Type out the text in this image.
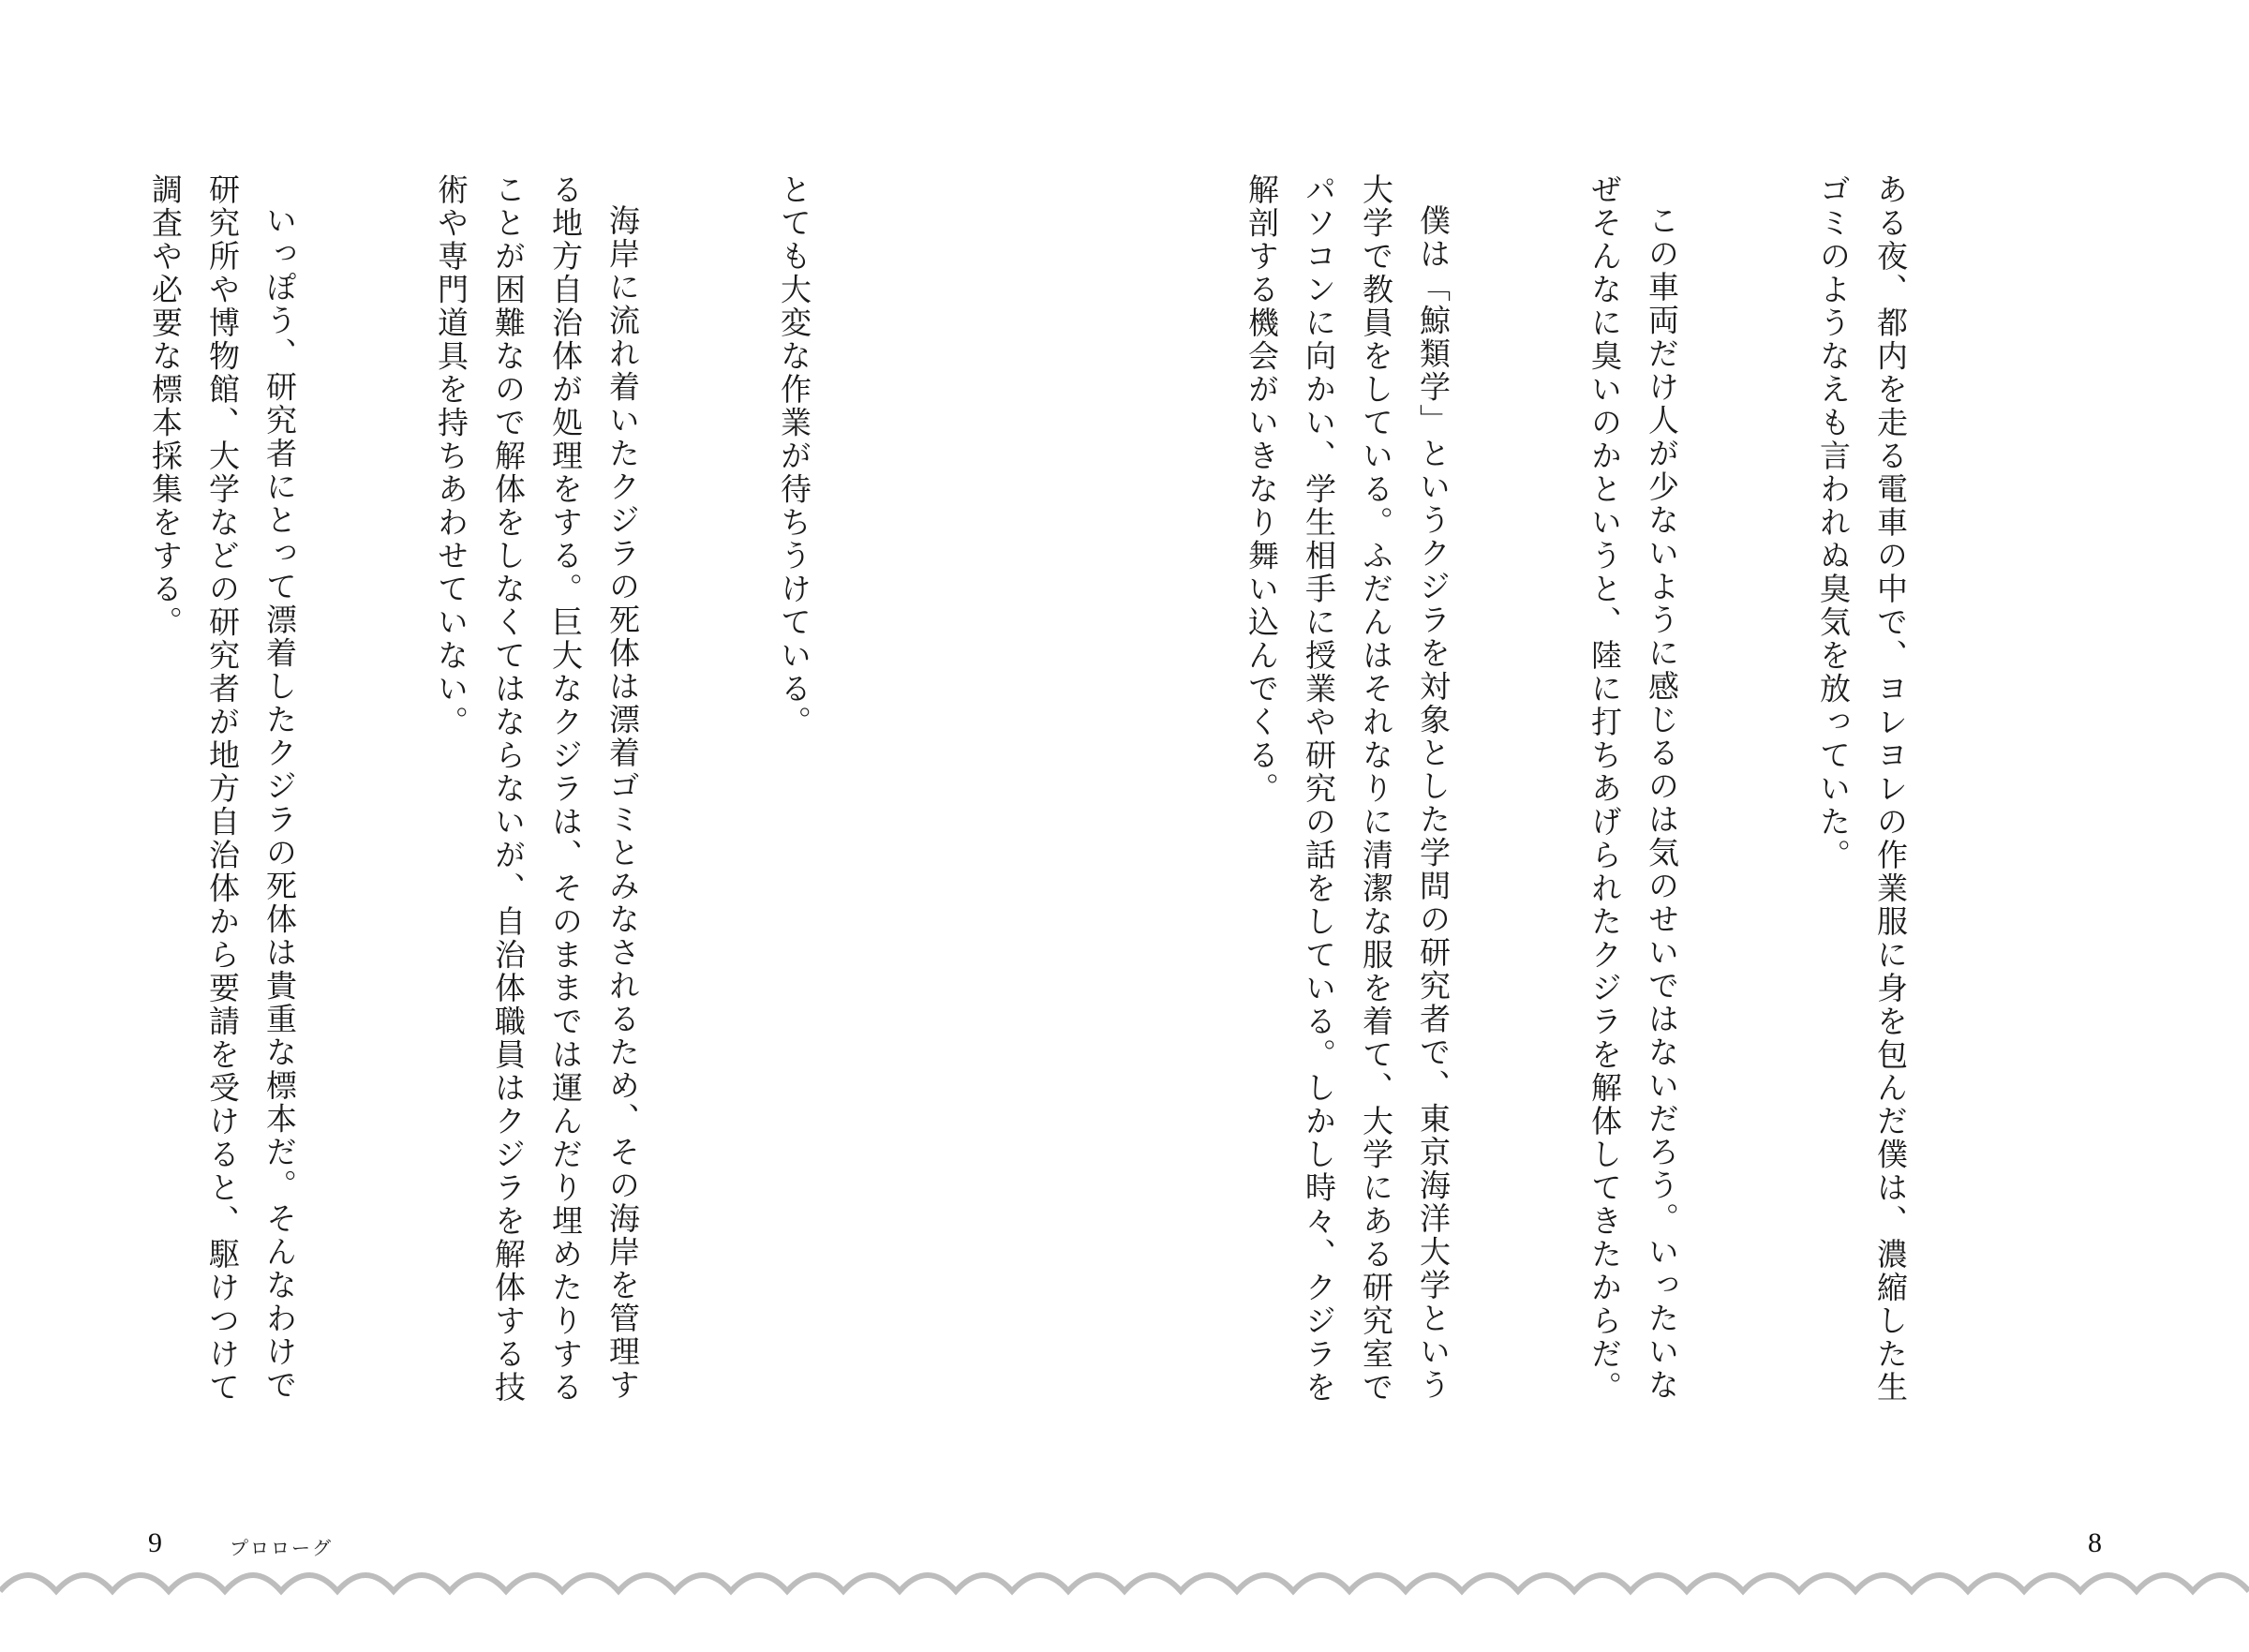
ある夜、都内を走る電車の中で、ヨレヨレの作業服に身を包んだ僕は、濃縮した生ゴミのようなえも言われぬ臭気を放っていた。

この車両だけ人が少ないように感じるのは気のせいではないだろう。いったいなぜそんなに臭いのかというと、陸に打ちあげられたクジラを解体してきたからだ。

僕は「鯨類学」というクジラを対象とした学問の研究者で、東京海洋大学という大学で教員をしている。ふだんはそれなりに清潔な服を着て、大学にある研究室でパソコンに向かい、学生相手に授業や研究の話をしている。しかし時々、クジラを解剖する機会がいきなり舞い込んでくる。

とても大変な作業が待ちうけている。

海岸に流れ着いたクジラの死体は漂着ゴミとみなされるため、その海岸を管理する地方自治体が処理をする。巨大なクジラは、そのままでは運んだり埋めたりすることが困難なので解体をしなくてはならないが、自治体職員はクジラを解体する技術や専門道具を持ちあわせていない。

いっぽう、研究者にとって漂着したクジラの死体は貴重な標本だ。そんなわけで研究所や博物館、大学などの研究者が地方自治体から要請を受けると、駆けつけて調査や必要な標本採集をする。

9	プロローグ	8
